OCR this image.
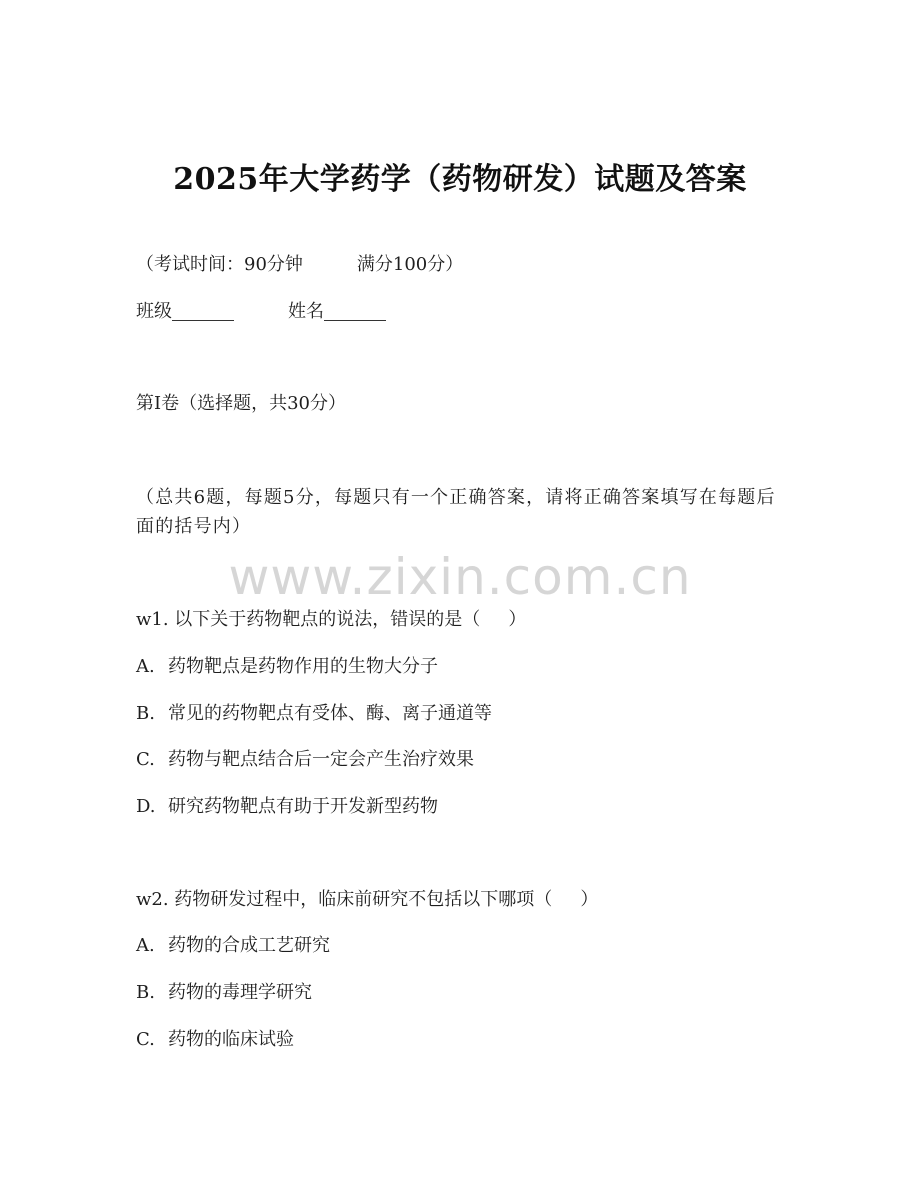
2025年大学药学（药物研发）试题及答案
（考试时间：90分钟	满分100分）
班级	姓名
第Ⅰ卷（选择题，共30分）
（总共6题，每题5分，每题只有一个正确答案，请将正确答案填写在每题后面的括号内）
www.zixin.com.cn
w1. 以下关于药物靶点的说法，错误的是（ ）
A. 药物靶点是药物作用的生物大分子
B. 常见的药物靶点有受体、酶、离子通道等
C. 药物与靶点结合后一定会产生治疗效果
D. 研究药物靶点有助于开发新型药物
w2. 药物研发过程中，临床前研究不包括以下哪项（ ）
A. 药物的合成工艺研究
B. 药物的毒理学研究
C. 药物的临床试验
